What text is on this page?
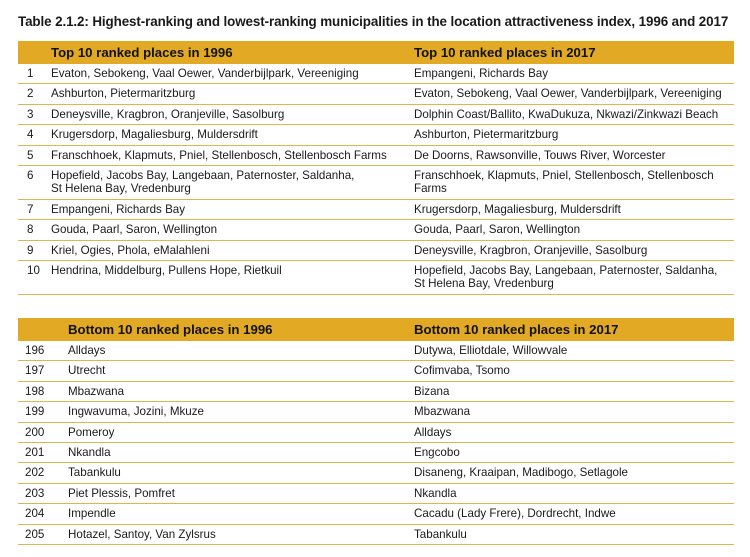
Table 2.1.2: Highest-ranking and lowest-ranking municipalities in the location attractiveness index, 1996 and 2017
	Top 10 ranked places in 1996	Top 10 ranked places in 2017
1	Evaton, Sebokeng, Vaal Oewer, Vanderbijlpark, Vereeniging	Empangeni, Richards Bay

2	Ashburton, Pietermaritzburg	Evaton, Sebokeng, Vaal Oewer, Vanderbijlpark, Vereeniging

3	Deneysville, Kragbron, Oranjeville, Sasolburg	Dolphin Coast/Ballito, KwaDukuza, Nkwazi/Zinkwazi Beach

4	Krugersdorp, Magaliesburg, Muldersdrift	Ashburton, Pietermaritzburg

5	Franschhoek, Klapmuts, Pniel, Stellenbosch, Stellenbosch Farms	De Doorns, Rawsonville, Touws River, Worcester

6	Hopefield, Jacobs Bay, Langebaan, Paternoster, Saldanha,
St Helena Bay, Vredenburg	Franschhoek, Klapmuts, Pniel, Stellenbosch, Stellenbosch Farms

7	Empangeni, Richards Bay	Krugersdorp, Magaliesburg, Muldersdrift

8	Gouda, Paarl, Saron, Wellington	Gouda, Paarl, Saron, Wellington

9	Kriel, Ogies, Phola, eMalahleni	Deneysville, Kragbron, Oranjeville, Sasolburg

10	Hendrina, Middelburg, Pullens Hope, Rietkuil	Hopefield, Jacobs Bay, Langebaan, Paternoster, Saldanha,
St Helena Bay, Vredenburg
	Bottom 10 ranked places in 1996	Bottom 10 ranked places in 2017
196	Alldays	Dutywa, Elliotdale, Willowvale

197	Utrecht	Cofimvaba, Tsomo

198	Mbazwana	Bizana

199	Ingwavuma, Jozini, Mkuze	Mbazwana

200	Pomeroy	Alldays

201	Nkandla	Engcobo

202	Tabankulu	Disaneng, Kraaipan, Madibogo, Setlagole

203	Piet Plessis, Pomfret	Nkandla

204	Impendle	Cacadu (Lady Frere), Dordrecht, Indwe

205	Hotazel, Santoy, Van Zylsrus	Tabankulu
